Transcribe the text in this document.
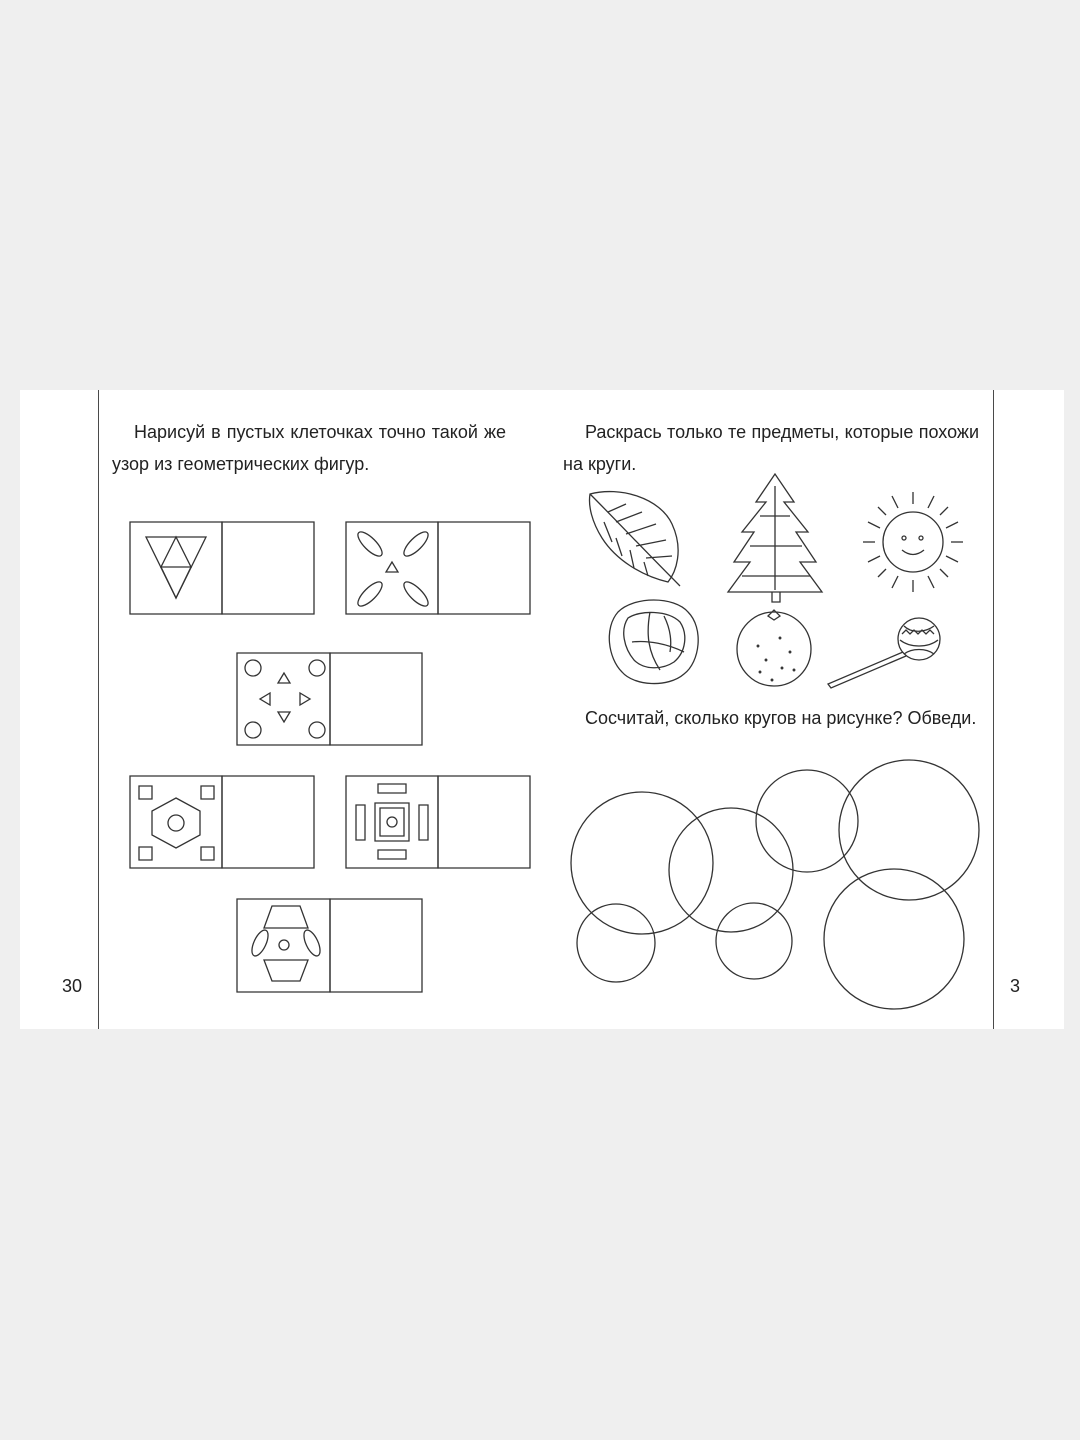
30	3
Нарисуй в пустых клеточках точно такой же узор из геометрических фигур.
Раскрась только те предметы, которые похожи на круги.
Сосчитай, сколько кругов на рисунке? Обведи.
